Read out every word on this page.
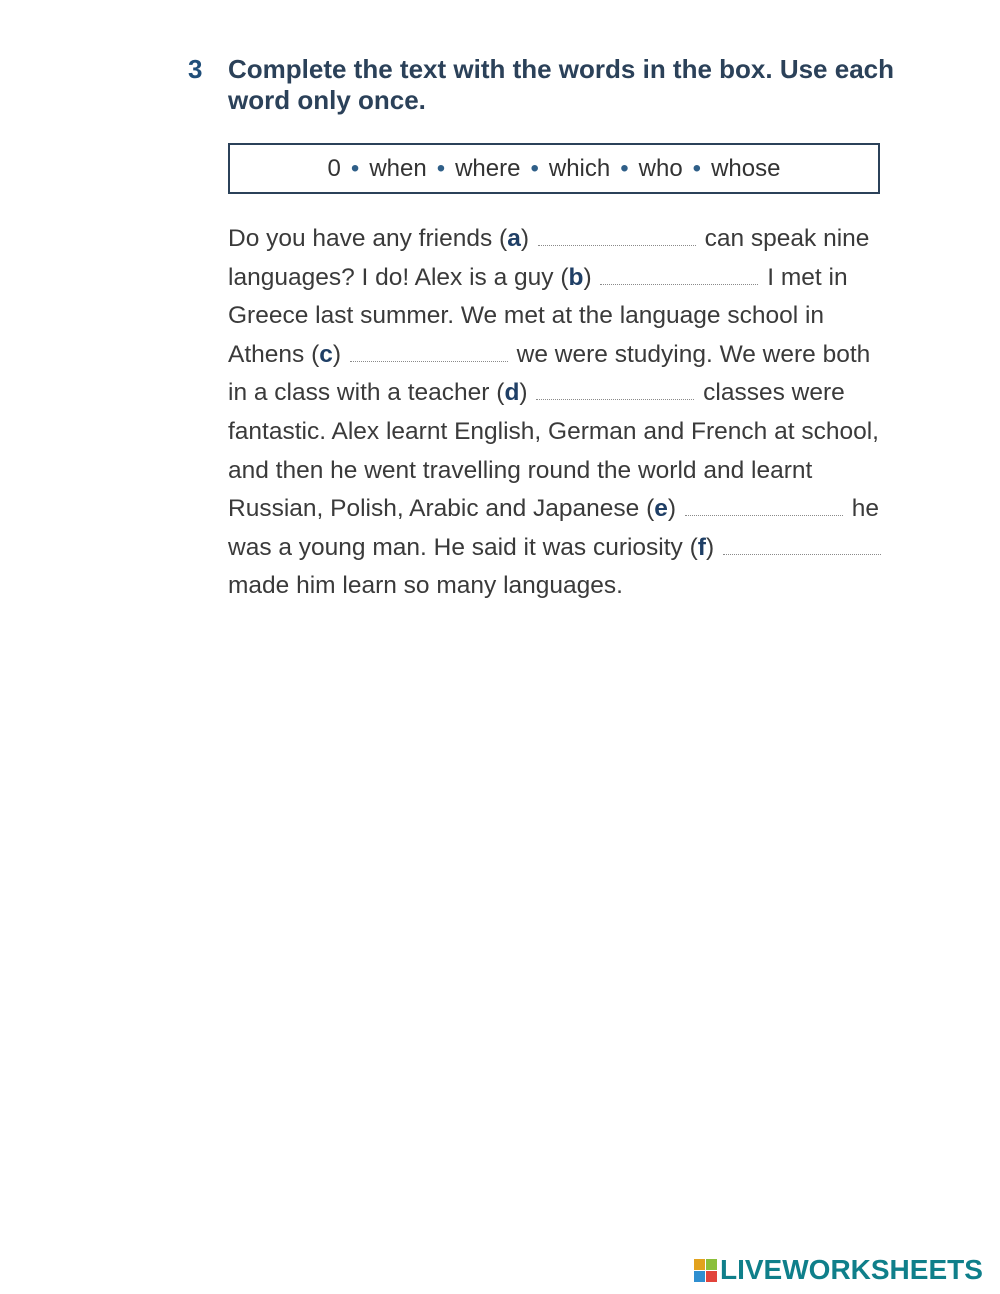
3 Complete the text with the words in the box. Use each word only once.
0 • when • where • which • who • whose
Do you have any friends (a)	can speak nine languages? I do! Alex is a guy (b)	I met in Greece last summer. We met at the language school in Athens (c)	we were studying. We were both in a class with a teacher (d)	classes were fantastic. Alex learnt English, German and French at school, and then he went travelling round the world and learnt Russian, Polish, Arabic and Japanese (e)	he was a young man. He said it was curiosity (f)  made him learn so many languages.
LIVEWORKSHEETS
